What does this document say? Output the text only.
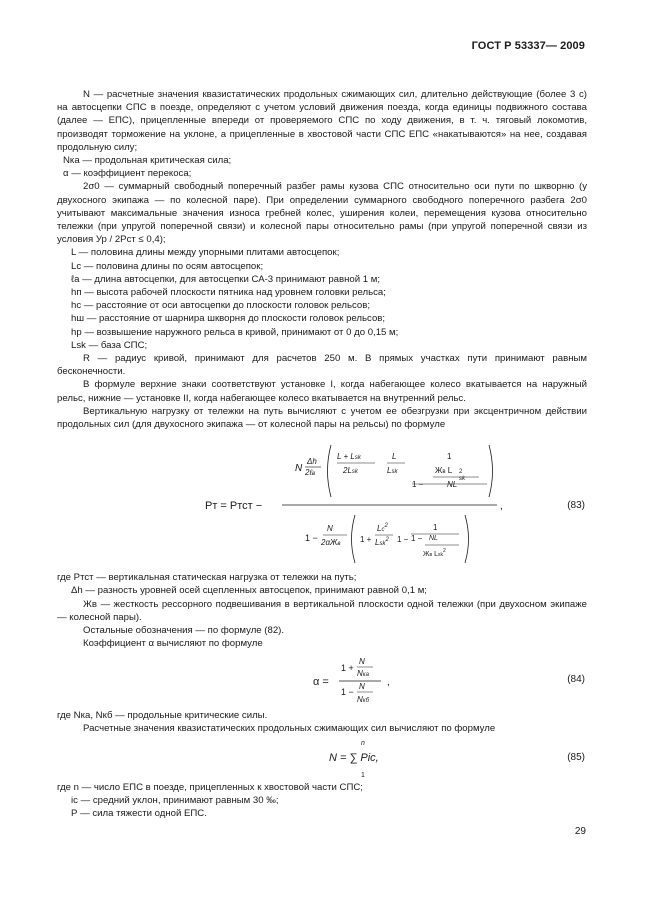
ГОСТ Р 53337— 2009

N — расчетные значения квазистатических продольных сжимающих сил, длительно действующие (более 3 с) на автосцепки СПС в поезде, определяют с учетом условий движения поезда, когда единицы подвижного состава (далее — ЕПС), прицепленные впереди от проверяемого СПС по ходу движения, в т. ч. тяговый локомотив, производят торможение на уклоне, а прицепленные в хвостовой части СПС ЕПС «накатываются» на нее, создавая продольную силу;

Nка — продольная критическая сила;

α — коэффициент перекоса;

2σ0 — суммарный свободный поперечный разбег рамы кузова СПС относительно оси пути по шкворню (у двухосного экипажа — по колесной паре). При определении суммарного свободного поперечного разбега 2σ0 учитывают максимальные значения износа гребней колес, уширения колеи, перемещения кузова относительно тележки (при упругой поперечной связи) и колесной пары относительно рамы (при упругой поперечной связи из условия Ур / 2Рст ≤ 0,4);

L — половина длины между упорными плитами автосцепок;

Lc — половина длины по осям автосцепок;

ℓа — длина автосцепки, для автосцепки СА-3 принимают равной 1 м;

hп — высота рабочей плоскости пятника над уровнем головки рельса;

hс — расстояние от оси автосцепки до плоскости головок рельсов;

hш — расстояние от шарнира шкворня до плоскости головок рельсов;

hр — возвышение наружного рельса в кривой, принимают от 0 до 0,15 м;

Lsk — база СПС;

R — радиус кривой, принимают для расчетов 250 м. В прямых участках пути принимают равным бесконечности.

В формуле верхние знаки соответствуют установке I, когда набегающее колесо вкатывается на наружный рельс, нижние — установке II, когда набегающее колесо вкатывается на внутренний рельс.

Вертикальную нагрузку от тележки на путь вычисляют с учетом ее обезгрузки при эксцентричном действии продольных сил (для двухосного экипажа — от колесной пары на рельсы) по формуле

Pт = Pтст −
N
Δh
2ℓв
L + Lsk
2Lsk
L
Lsk
1
1 −
Жв L 2
sk
NL
,
1 −
N
2αЖв 1 +
$Lc^2$
Lsk$^2$ 1 −
1
1 − NL
Жв Lsk$^2$
(83)

где Ртст — вертикальная статическая нагрузка от тележки на путь;

Δh — разность уровней осей сцепленных автосцепок, принимают равной 0,1 м;

Жв — жесткость рессорного подвешивания в вертикальной плоскости одной тележки (при двухосном экипаже — колесной пары).

Остальные обозначения — по формуле (82).

Коэффициент α вычисляют по формуле

α =
1 +
N
Nка
1 −
N
Nкб
,	(84)

где Nка, Nкб — продольные критические силы.

Расчетные значения квазистатических продольных сжимающих сил вычисляют по формуле

N = ∑ Pic,
n
1
(85)

где n — число ЕПС в поезде, прицепленных к хвостовой части СПС;

iс — средний уклон, принимают равным 30 ‰;

Р — сила тяжести одной ЕПС.

29
